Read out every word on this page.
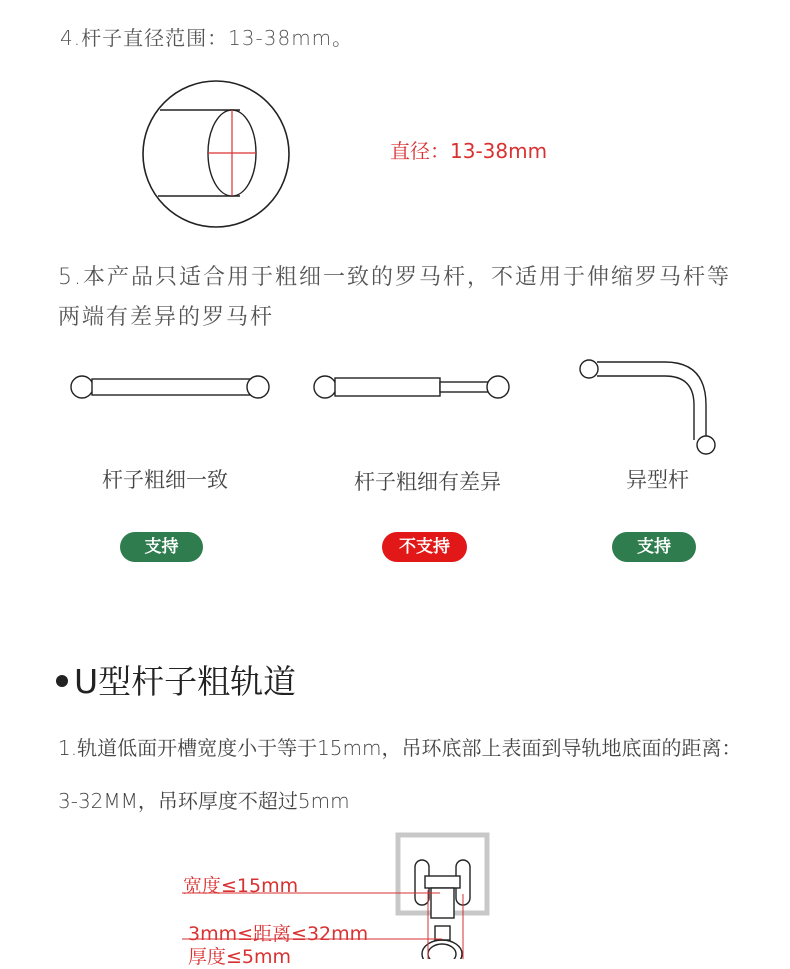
4.杆子直径范围：13-38mm。
直径：13-38mm
5.本产品只适合用于粗细一致的罗马杆，不适用于伸缩罗马杆等两端有差异的罗马杆
杆子粗细一致	杆子粗细有差异	异型杆
支持	不支持	支持
U型杆子粗轨道
1.轨道低面开槽宽度小于等于15mm，吊环底部上表面到导轨地底面的距离：3-32MM，吊环厚度不超过5mm
宽度≤15mm
3mm≤距离≤32mm
厚度≤5mm
